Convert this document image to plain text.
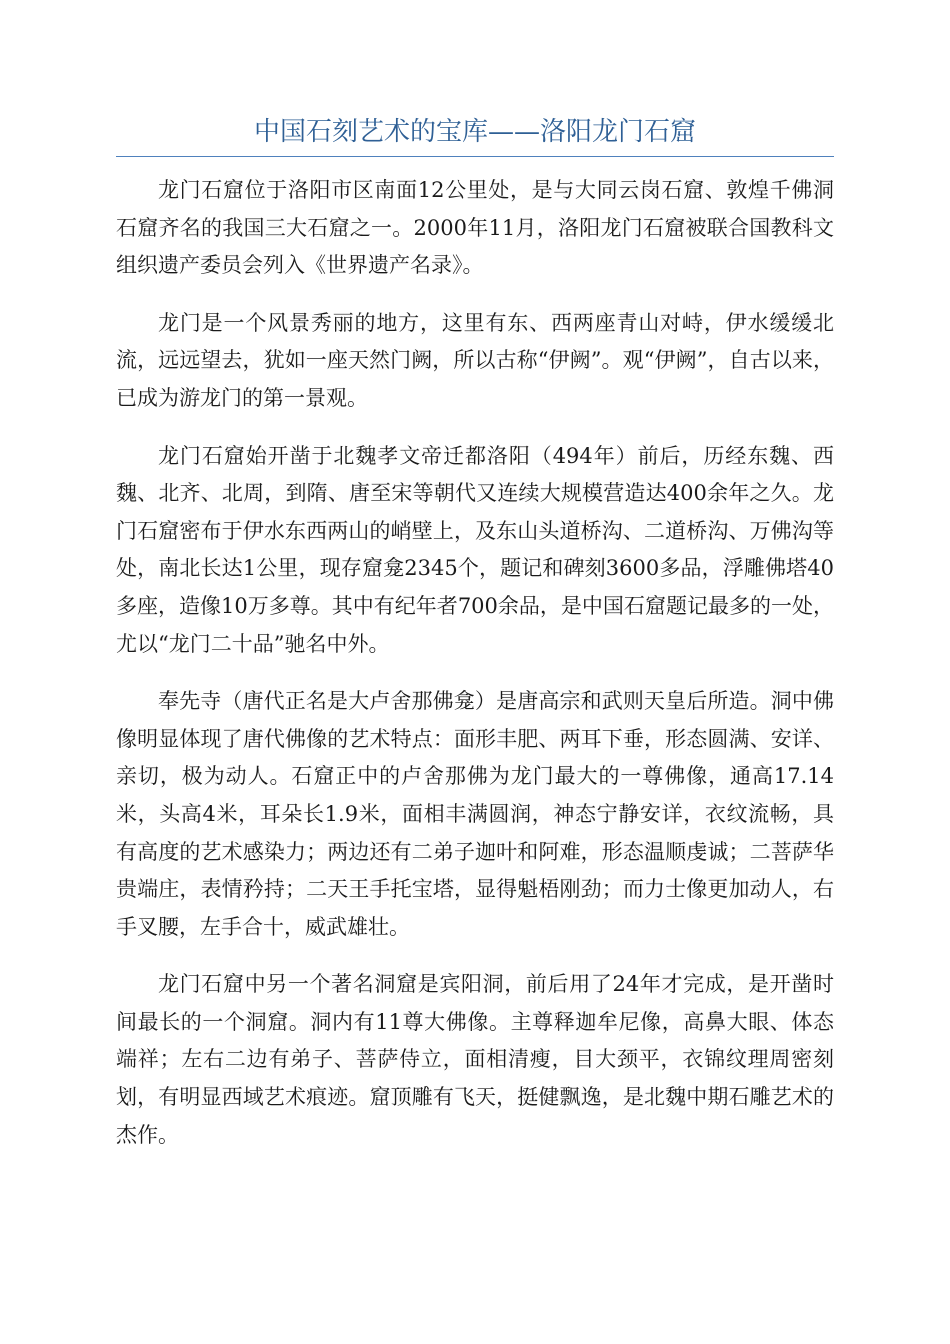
中国石刻艺术的宝库——洛阳龙门石窟

龙门石窟位于洛阳市区南面12公里处，是与大同云岗石窟、敦煌千佛洞石窟齐名的我国三大石窟之一。2000年11月，洛阳龙门石窟被联合国教科文组织遗产委员会列入《世界遗产名录》。

龙门是一个风景秀丽的地方，这里有东、西两座青山对峙，伊水缓缓北流，远远望去，犹如一座天然门阙，所以古称“伊阙”。观“伊阙”，自古以来，已成为游龙门的第一景观。

龙门石窟始开凿于北魏孝文帝迁都洛阳（494年）前后，历经东魏、西魏、北齐、北周，到隋、唐至宋等朝代又连续大规模营造达400余年之久。龙门石窟密布于伊水东西两山的峭壁上，及东山头道桥沟、二道桥沟、万佛沟等处，南北长达1公里，现存窟龛2345个，题记和碑刻3600多品，浮雕佛塔40多座，造像10万多尊。其中有纪年者700余品，是中国石窟题记最多的一处，尤以“龙门二十品”驰名中外。

奉先寺（唐代正名是大卢舍那佛龛）是唐高宗和武则天皇后所造。洞中佛像明显体现了唐代佛像的艺术特点：面形丰肥、两耳下垂，形态圆满、安详、亲切，极为动人。石窟正中的卢舍那佛为龙门最大的一尊佛像，通高17.14米，头高4米，耳朵长1.9米，面相丰满圆润，神态宁静安详，衣纹流畅，具有高度的艺术感染力；两边还有二弟子迦叶和阿难，形态温顺虔诚；二菩萨华贵端庄，表情矜持；二天王手托宝塔，显得魁梧刚劲；而力士像更加动人，右手叉腰，左手合十，威武雄壮。

龙门石窟中另一个著名洞窟是宾阳洞，前后用了24年才完成，是开凿时间最长的一个洞窟。洞内有11尊大佛像。主尊释迦牟尼像，高鼻大眼、体态端祥；左右二边有弟子、菩萨侍立，面相清瘦，目大颈平，衣锦纹理周密刻划，有明显西域艺术痕迹。窟顶雕有飞天，挺健飘逸，是北魏中期石雕艺术的杰作。
